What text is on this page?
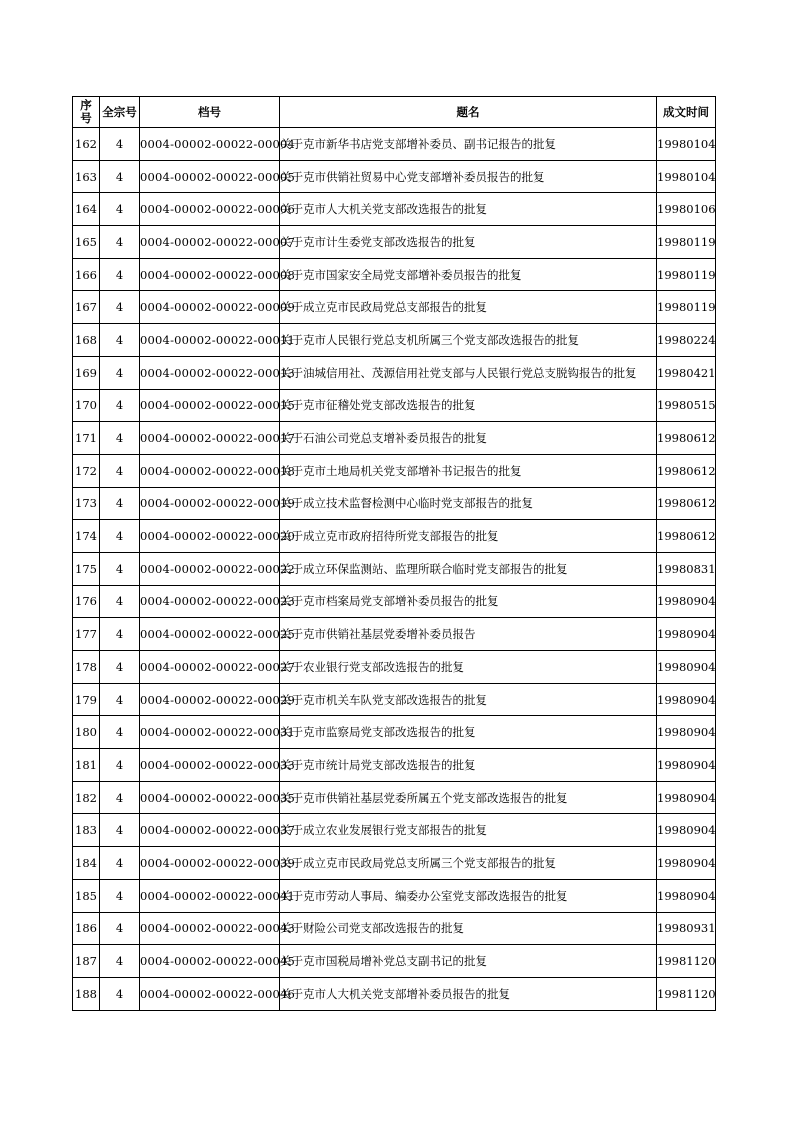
序
号	全宗号	档号	题名	成文时间
162	4	0004-00002-00022-00004	关于克市新华书店党支部增补委员、副书记报告的批复	19980104
163	4	0004-00002-00022-00005	关于克市供销社贸易中心党支部增补委员报告的批复	19980104
164	4	0004-00002-00022-00006	关于克市人大机关党支部改选报告的批复	19980106
165	4	0004-00002-00022-00007	关于克市计生委党支部改选报告的批复	19980119
166	4	0004-00002-00022-00008	关于克市国家安全局党支部增补委员报告的批复	19980119
167	4	0004-00002-00022-00009	关于成立克市民政局党总支部报告的批复	19980119
168	4	0004-00002-00022-00011	关于克市人民银行党总支机所属三个党支部改选报告的批复	19980224
169	4	0004-00002-00022-00013	关于油城信用社、茂源信用社党支部与人民银行党总支脱钩报告的批复	19980421
170	4	0004-00002-00022-00015	关于克市征稽处党支部改选报告的批复	19980515
171	4	0004-00002-00022-00017	关于石油公司党总支增补委员报告的批复	19980612
172	4	0004-00002-00022-00018	关于克市土地局机关党支部增补书记报告的批复	19980612
173	4	0004-00002-00022-00019	关于成立技术监督检测中心临时党支部报告的批复	19980612
174	4	0004-00002-00022-00020	关于成立克市政府招待所党支部报告的批复	19980612
175	4	0004-00002-00022-00022	关于成立环保监测站、监理所联合临时党支部报告的批复	19980831
176	4	0004-00002-00022-00023	关于克市档案局党支部增补委员报告的批复	19980904
177	4	0004-00002-00022-00025	关于克市供销社基层党委增补委员报告	19980904
178	4	0004-00002-00022-00027	关于农业银行党支部改选报告的批复	19980904
179	4	0004-00002-00022-00029	关于克市机关车队党支部改选报告的批复	19980904
180	4	0004-00002-00022-00031	关于克市监察局党支部改选报告的批复	19980904
181	4	0004-00002-00022-00033	关于克市统计局党支部改选报告的批复	19980904
182	4	0004-00002-00022-00035	关于克市供销社基层党委所属五个党支部改选报告的批复	19980904
183	4	0004-00002-00022-00037	关于成立农业发展银行党支部报告的批复	19980904
184	4	0004-00002-00022-00039	关于成立克市民政局党总支所属三个党支部报告的批复	19980904
185	4	0004-00002-00022-00041	关于克市劳动人事局、编委办公室党支部改选报告的批复	19980904
186	4	0004-00002-00022-00043	关于财险公司党支部改选报告的批复	19980931
187	4	0004-00002-00022-00045	关于克市国税局增补党总支副书记的批复	19981120
188	4	0004-00002-00022-00046	关于克市人大机关党支部增补委员报告的批复	19981120
